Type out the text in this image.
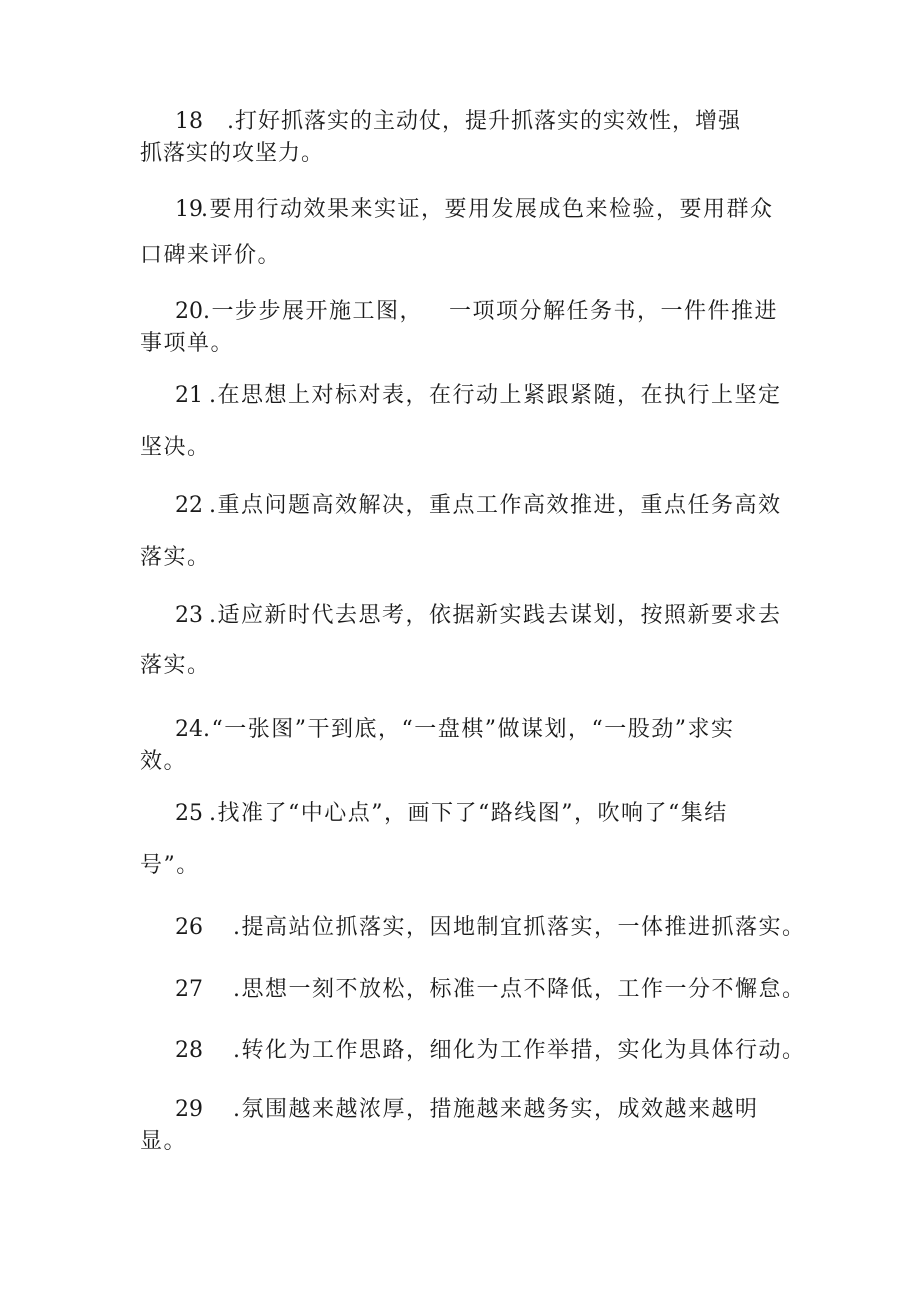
18 .打好抓落实的主动仗，提升抓落实的实效性，增强
抓落实的攻坚力。
19.要用行动效果来实证，要用发展成色来检验，要用群众
口碑来评价。
20.一步步展开施工图， 一项项分解任务书，一件件推进
事项单。
21 .在思想上对标对表，在行动上紧跟紧随，在执行上坚定
坚决。
22 .重点问题高效解决，重点工作高效推进，重点任务高效
落实。
23 .适应新时代去思考，依据新实践去谋划，按照新要求去
落实。
24.“一张图”干到底，“一盘棋”做谋划，“一股劲”求实
效。
25 .找准了“中心点”，画下了“路线图”，吹响了“集结
号”。
26 .提高站位抓落实，因地制宜抓落实，一体推进抓落实。
27 .思想一刻不放松，标准一点不降低，工作一分不懈怠。
28 .转化为工作思路，细化为工作举措，实化为具体行动。
29 .氛围越来越浓厚，措施越来越务实，成效越来越明
显。
